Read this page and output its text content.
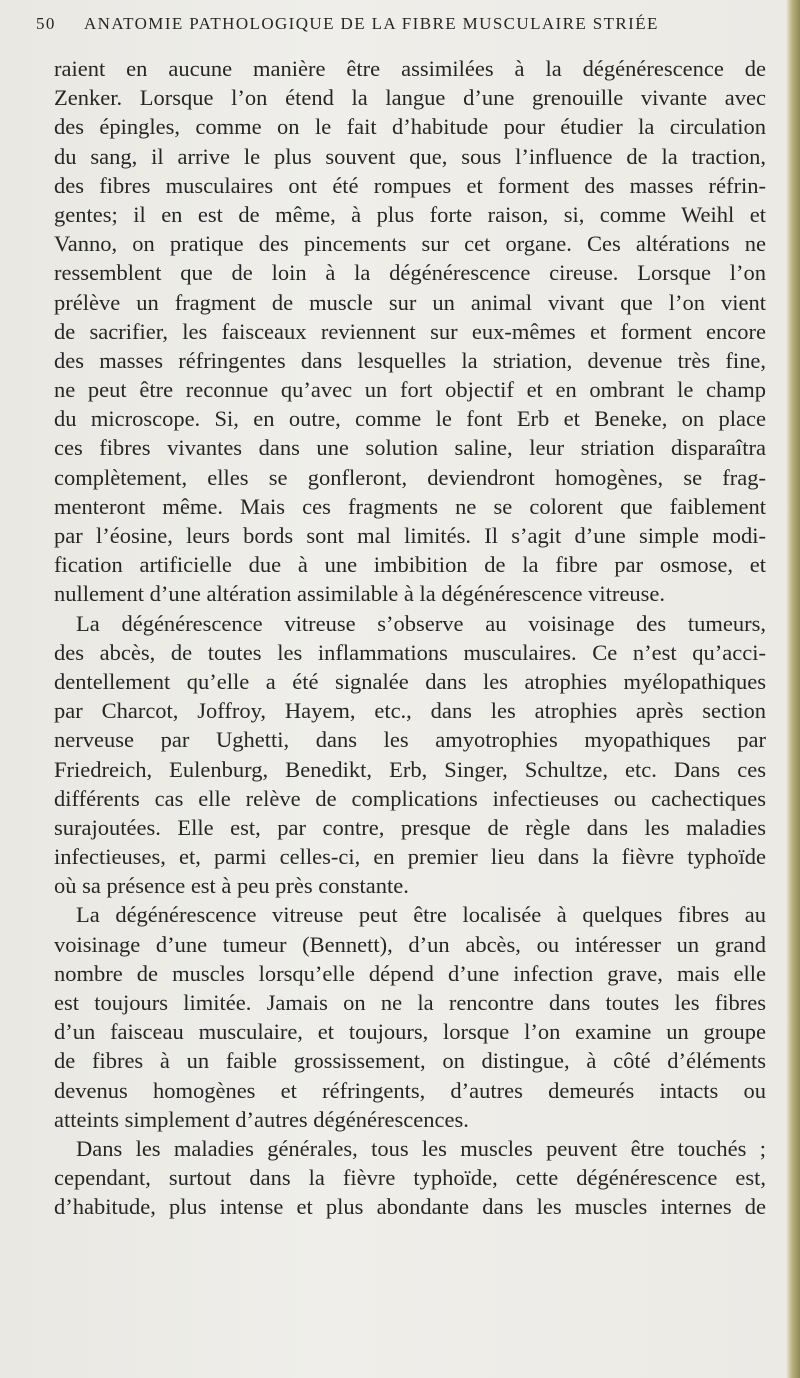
50 ANATOMIE PATHOLOGIQUE DE LA FIBRE MUSCULAIRE STRIÉE
raient en aucune manière être assimilées à la dégénérescence de
Zenker. Lorsque l’on étend la langue d’une grenouille vivante avec
des épingles, comme on le fait d’habitude pour étudier la circulation
du sang, il arrive le plus souvent que, sous l’influence de la traction,
des fibres musculaires ont été rompues et forment des masses réfrin-
gentes; il en est de même, à plus forte raison, si, comme Weihl et
Vanno, on pratique des pincements sur cet organe. Ces altérations ne
ressemblent que de loin à la dégénérescence cireuse. Lorsque l’on
prélève un fragment de muscle sur un animal vivant que l’on vient
de sacrifier, les faisceaux reviennent sur eux-mêmes et forment encore
des masses réfringentes dans lesquelles la striation, devenue très fine,
ne peut être reconnue qu’avec un fort objectif et en ombrant le champ
du microscope. Si, en outre, comme le font Erb et Beneke, on place
ces fibres vivantes dans une solution saline, leur striation disparaîtra
complètement, elles se gonfleront, deviendront homogènes, se frag-
menteront même. Mais ces fragments ne se colorent que faiblement
par l’éosine, leurs bords sont mal limités. Il s’agit d’une simple modi-
fication artificielle due à une imbibition de la fibre par osmose, et
nullement d’une altération assimilable à la dégénérescence vitreuse.
La dégénérescence vitreuse s’observe au voisinage des tumeurs,
des abcès, de toutes les inflammations musculaires. Ce n’est qu’acci-
dentellement qu’elle a été signalée dans les atrophies myélopathiques
par Charcot, Joffroy, Hayem, etc., dans les atrophies après section
nerveuse par Ughetti, dans les amyotrophies myopathiques par
Friedreich, Eulenburg, Benedikt, Erb, Singer, Schultze, etc. Dans ces
différents cas elle relève de complications infectieuses ou cachectiques
surajoutées. Elle est, par contre, presque de règle dans les maladies
infectieuses, et, parmi celles-ci, en premier lieu dans la fièvre typhoïde
où sa présence est à peu près constante.
La dégénérescence vitreuse peut être localisée à quelques fibres au
voisinage d’une tumeur (Bennett), d’un abcès, ou intéresser un grand
nombre de muscles lorsqu’elle dépend d’une infection grave, mais elle
est toujours limitée. Jamais on ne la rencontre dans toutes les fibres
d’un faisceau musculaire, et toujours, lorsque l’on examine un groupe
de fibres à un faible grossissement, on distingue, à côté d’éléments
devenus homogènes et réfringents, d’autres demeurés intacts ou
atteints simplement d’autres dégénérescences.
Dans les maladies générales, tous les muscles peuvent être touchés ;
cependant, surtout dans la fièvre typhoïde, cette dégénérescence est,
d’habitude, plus intense et plus abondante dans les muscles internes de
